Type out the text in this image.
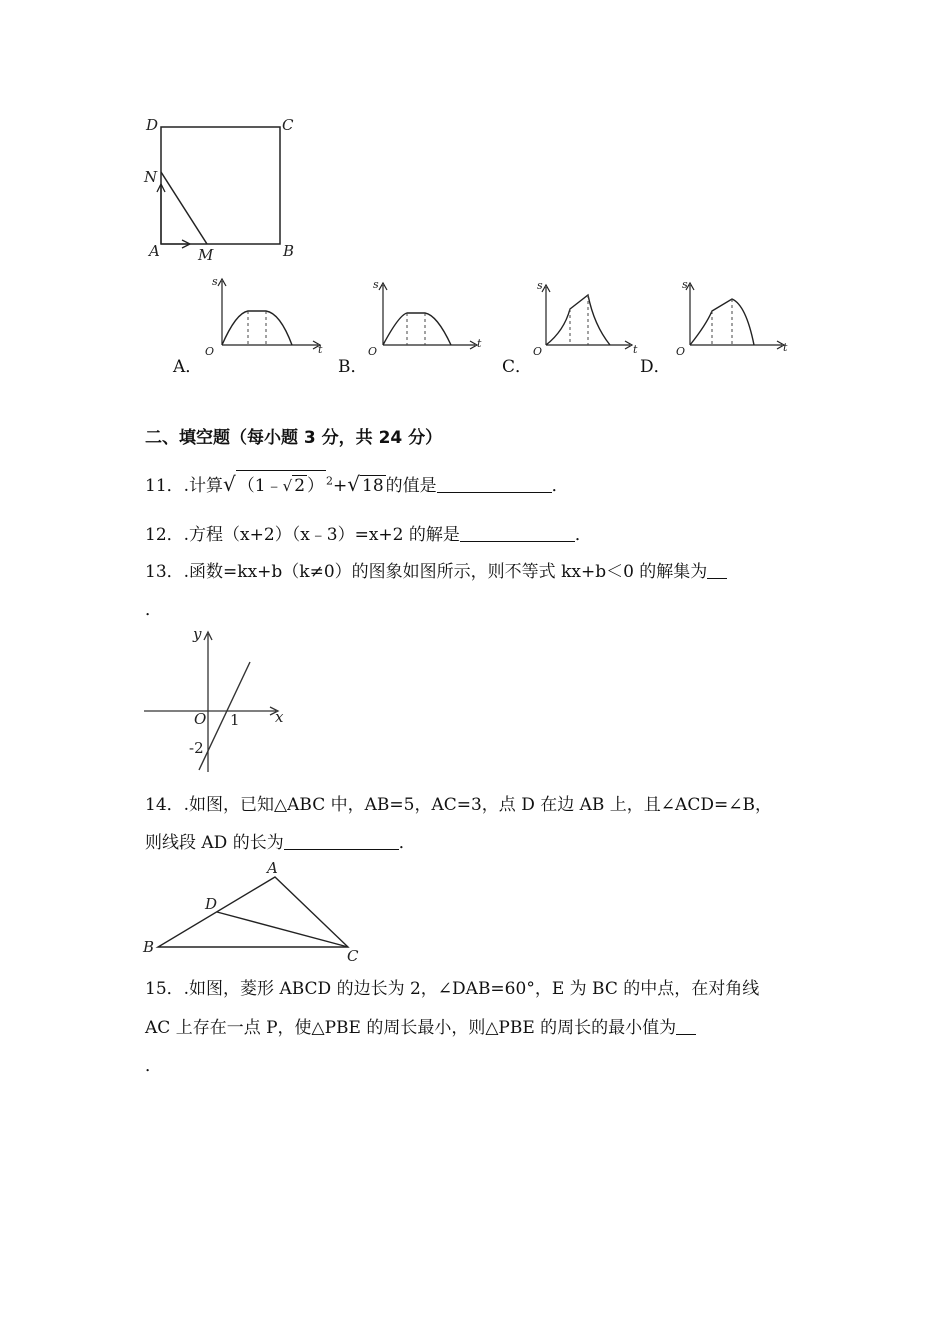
D	C
N
A	M	B
A．
s
t
O
B．
s
t
O
C．
s
t
O
D．
s
t
O
二、填空题（每小题 3 分，共 24 分）
11．.计算√ （1﹣√ 2 ） $^2$+√ 18 的值是	．
12．.方程（x+2）（x﹣3）=x+2 的解是	．
13．.函数=kx+b（k≠0）的图象如图所示，则不等式 kx+b＜0 的解集为
．
y
x
O 1
-2
14．.如图，已知△ABC 中，AB=5，AC=3，点 D 在边 AB 上，且∠ACD=∠B，
则线段 AD 的长为	．
A
D
B	C
15．.如图，菱形 ABCD 的边长为 2，∠DAB=60°，E 为 BC 的中点，在对角线
AC 上存在一点 P，使△PBE 的周长最小，则△PBE 的周长的最小值为
．
